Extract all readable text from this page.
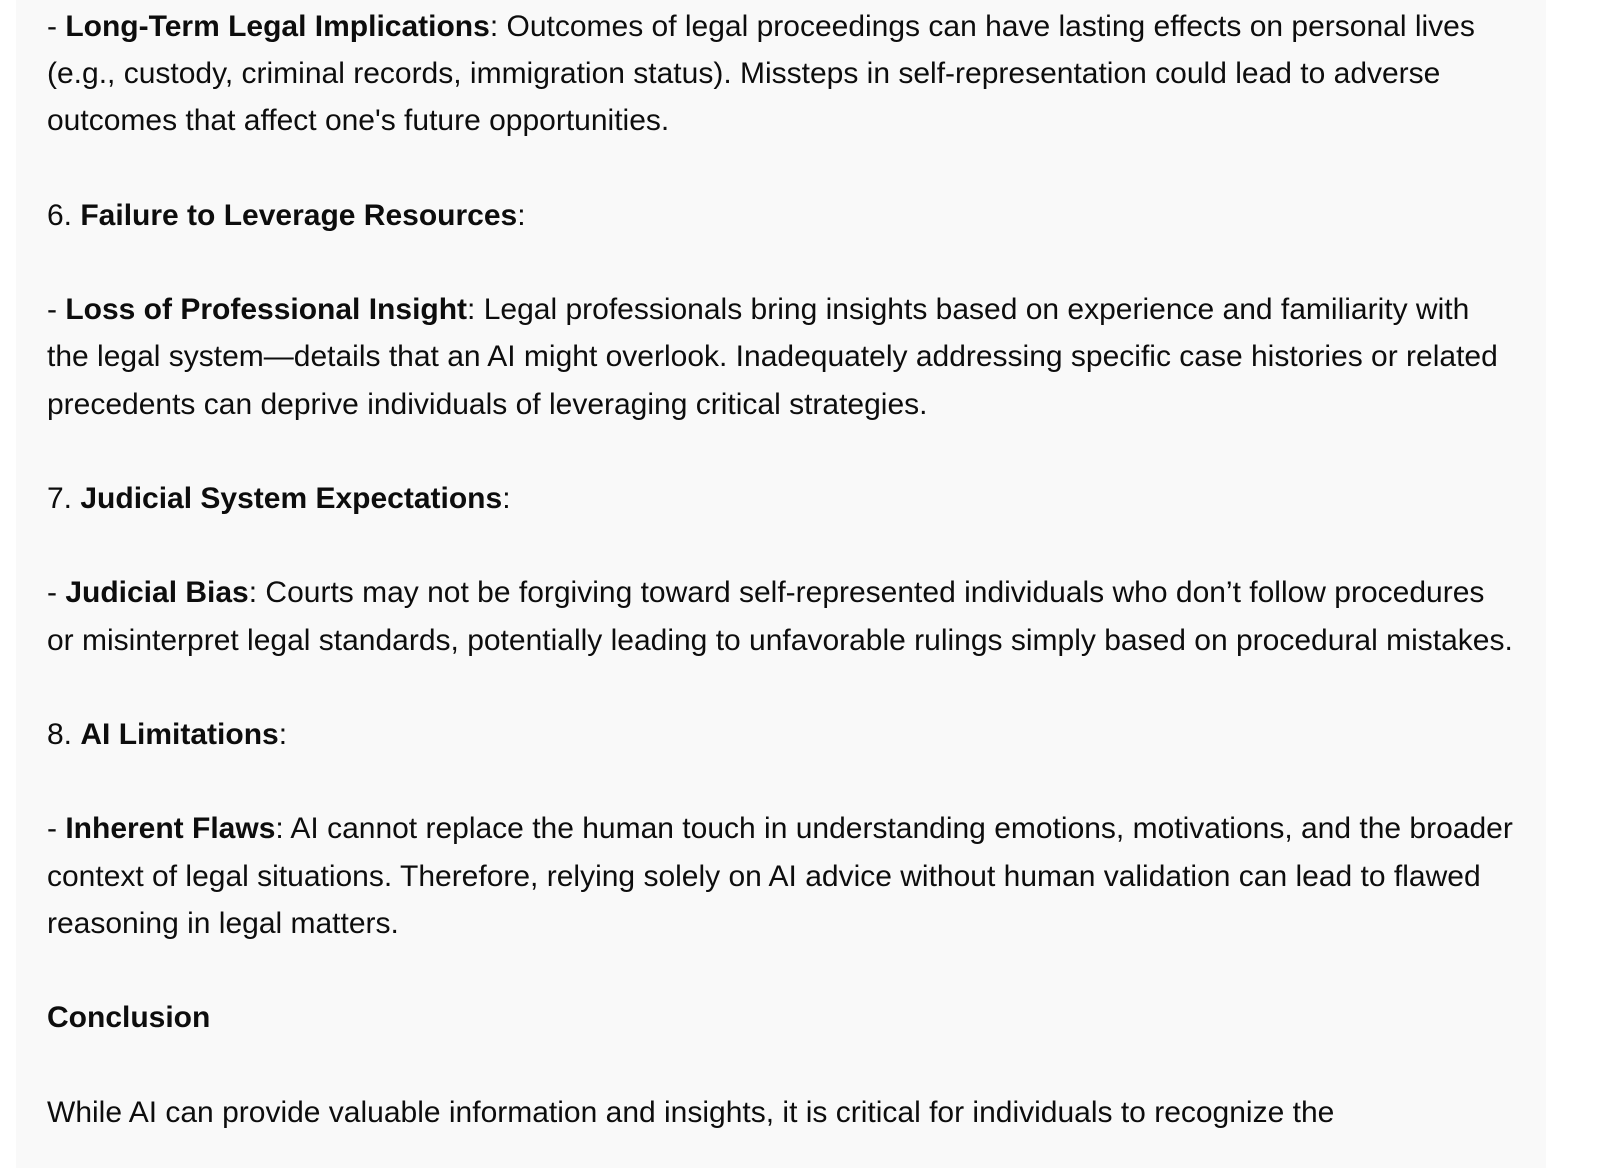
- Long-Term Legal Implications: Outcomes of legal proceedings can have lasting effects on personal lives (e.g., custody, criminal records, immigration status). Missteps in self-representation could lead to adverse outcomes that affect one's future opportunities.

6. Failure to Leverage Resources:

- Loss of Professional Insight: Legal professionals bring insights based on experience and familiarity with the legal system—details that an AI might overlook. Inadequately addressing specific case histories or related precedents can deprive individuals of leveraging critical strategies.

7. Judicial System Expectations:

- Judicial Bias: Courts may not be forgiving toward self-represented individuals who don’t follow procedures or misinterpret legal standards, potentially leading to unfavorable rulings simply based on procedural mistakes.

8. AI Limitations:

- Inherent Flaws: AI cannot replace the human touch in understanding emotions, motivations, and the broader context of legal situations. Therefore, relying solely on AI advice without human validation can lead to flawed reasoning in legal matters.

Conclusion

While AI can provide valuable information and insights, it is critical for individuals to recognize the
